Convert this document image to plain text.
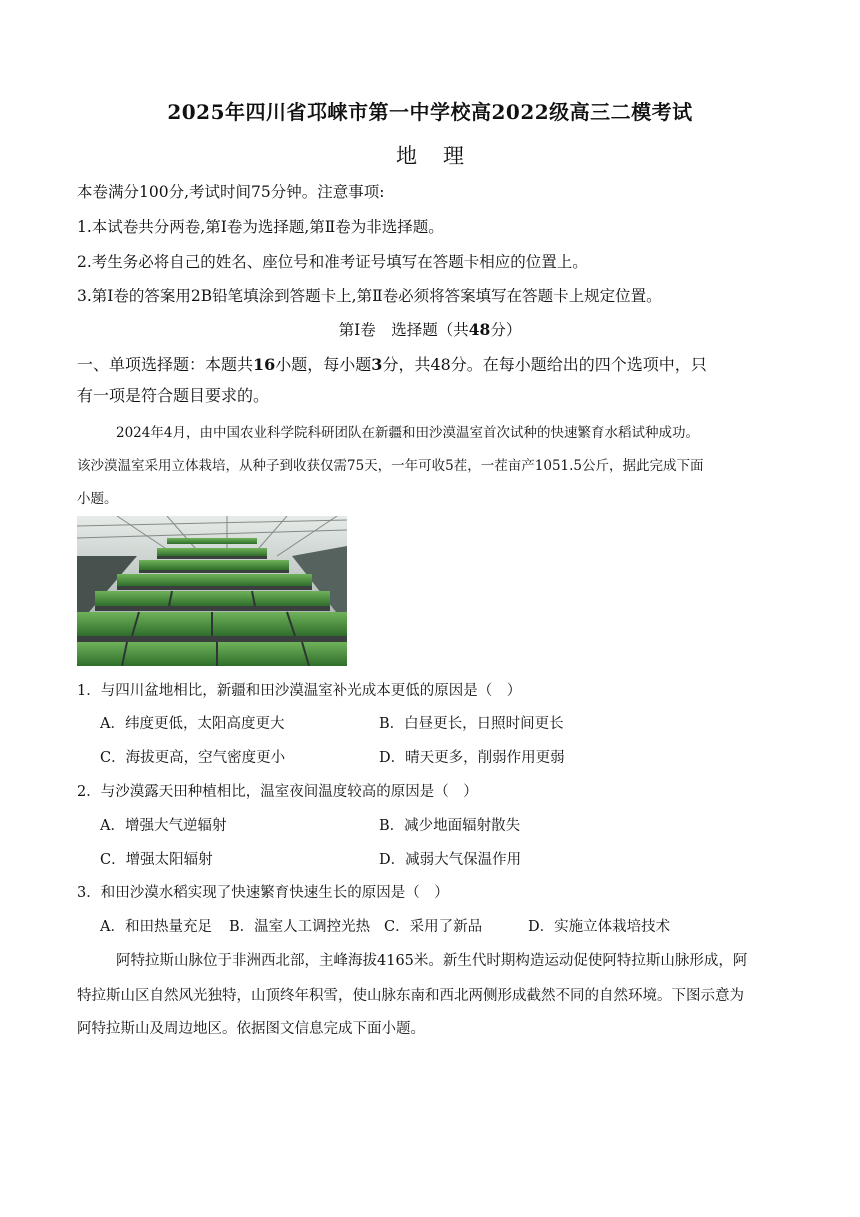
2025年四川省邛崃市第一中学校高2022级高三二模考试
地理
本卷满分100分,考试时间75分钟。注意事项:
1.本试卷共分两卷,第Ⅰ卷为选择题,第Ⅱ卷为非选择题。
2.考生务必将自己的姓名、座位号和准考证号填写在答题卡相应的位置上。
3.第Ⅰ卷的答案用2B铅笔填涂到答题卡上,第Ⅱ卷必须将答案填写在答题卡上规定位置。
第Ⅰ卷　选择题（共48分）
一、单项选择题：本题共16小题，每小题3分，共48分。在每小题给出的四个选项中，只
有一项是符合题目要求的。
2024年4月，由中国农业科学院科研团队在新疆和田沙漠温室首次试种的快速繁育水稻试种成功。
该沙漠温室采用立体栽培，从种子到收获仅需75天，一年可收5茬，一茬亩产1051.5公斤，据此完成下面
小题。
1．与四川盆地相比，新疆和田沙漠温室补光成本更低的原因是（　）
A．纬度更低，太阳高度更大	B．白昼更长，日照时间更长
C．海拔更高，空气密度更小	D．晴天更多，削弱作用更弱
2．与沙漠露天田种植相比，温室夜间温度较高的原因是（　）
A．增强大气逆辐射	B．减少地面辐射散失
C．增强太阳辐射	D．减弱大气保温作用
3．和田沙漠水稻实现了快速繁育快速生长的原因是（　）
A．和田热量充足 B．温室人工调控光热 C．采用了新品	D．实施立体栽培技术
阿特拉斯山脉位于非洲西北部，主峰海拔4165米。新生代时期构造运动促使阿特拉斯山脉形成，阿
特拉斯山区自然风光独特，山顶终年积雪，使山脉东南和西北两侧形成截然不同的自然环境。下图示意为
阿特拉斯山及周边地区。依据图文信息完成下面小题。
